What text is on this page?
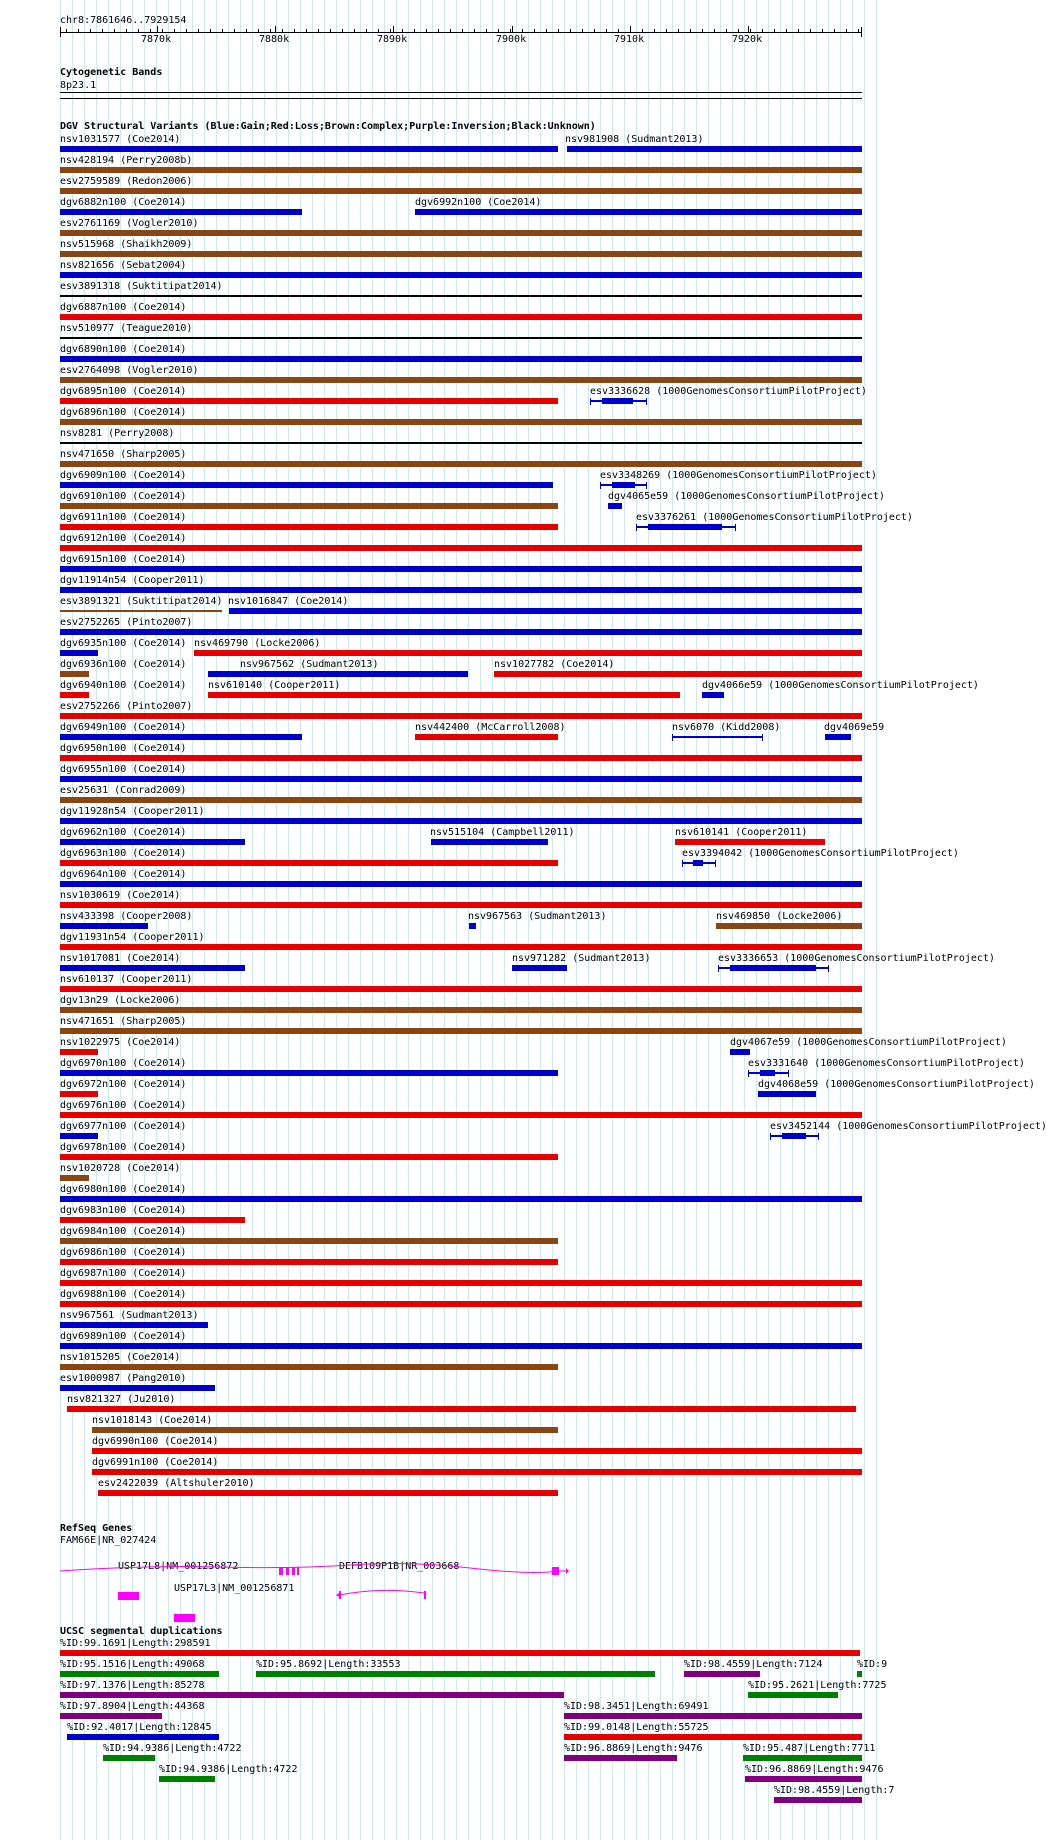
chr8:7861646..7929154
7870k	7880k	7890k	7900k	7910k	7920k
Cytogenetic Bands
8p23.1
DGV Structural Variants (Blue:Gain;Red:Loss;Brown:Complex;Purple:Inversion;Black:Unknown)
nsv1031577 (Coe2014)	nsv981908 (Sudmant2013)
nsv428194 (Perry2008b)
esv2759589 (Redon2006)
dgv6882n100 (Coe2014)	dgv6992n100 (Coe2014)
esv2761169 (Vogler2010)
nsv515968 (Shaikh2009)
nsv821656 (Sebat2004)
esv3891318 (Suktitipat2014)
dgv6887n100 (Coe2014)
nsv510977 (Teague2010)
dgv6890n100 (Coe2014)
esv2764098 (Vogler2010)
dgv6895n100 (Coe2014)	esv3336628 (1000GenomesConsortiumPilotProject)
dgv6896n100 (Coe2014)
nsv8281 (Perry2008)
nsv471650 (Sharp2005)
dgv6909n100 (Coe2014)	esv3348269 (1000GenomesConsortiumPilotProject)
dgv6910n100 (Coe2014)	dgv4065e59 (1000GenomesConsortiumPilotProject)
dgv6911n100 (Coe2014)	esv3376261 (1000GenomesConsortiumPilotProject)
dgv6912n100 (Coe2014)
dgv6915n100 (Coe2014)
dgv11914n54 (Cooper2011)
esv3891321 (Suktitipat2014) nsv1016847 (Coe2014)
esv2752265 (Pinto2007)
dgv6935n100 (Coe2014) nsv469790 (Locke2006)
dgv6936n100 (Coe2014)	nsv967562 (Sudmant2013)	nsv1027782 (Coe2014)
dgv6940n100 (Coe2014) nsv610140 (Cooper2011)	dgv4066e59 (1000GenomesConsortiumPilotProject)
esv2752266 (Pinto2007)
dgv6949n100 (Coe2014)	nsv442400 (McCarroll2008)	nsv6070 (Kidd2008)	dgv4069e59
dgv6950n100 (Coe2014)
dgv6955n100 (Coe2014)
esv25631 (Conrad2009)
dgv11928n54 (Cooper2011)
dgv6962n100 (Coe2014)	nsv515104 (Campbell2011)	nsv610141 (Cooper2011)
dgv6963n100 (Coe2014)	esv3394042 (1000GenomesConsortiumPilotProject)
dgv6964n100 (Coe2014)
nsv1030619 (Coe2014)
nsv433398 (Cooper2008)	nsv967563 (Sudmant2013)	nsv469850 (Locke2006)
dgv11931n54 (Cooper2011)
nsv1017081 (Coe2014)	nsv971282 (Sudmant2013)	esv3336653 (1000GenomesConsortiumPilotProject)
nsv610137 (Cooper2011)
dgv13n29 (Locke2006)
nsv471651 (Sharp2005)
nsv1022975 (Coe2014)	dgv4067e59 (1000GenomesConsortiumPilotProject)
dgv6970n100 (Coe2014)	esv3331640 (1000GenomesConsortiumPilotProject)
dgv6972n100 (Coe2014)	dgv4068e59 (1000GenomesConsortiumPilotProject)
dgv6976n100 (Coe2014)
dgv6977n100 (Coe2014)	esv3452144 (1000GenomesConsortiumPilotProject)
dgv6978n100 (Coe2014)
nsv1020728 (Coe2014)
dgv6980n100 (Coe2014)
dgv6983n100 (Coe2014)
dgv6984n100 (Coe2014)
dgv6986n100 (Coe2014)
dgv6987n100 (Coe2014)
dgv6988n100 (Coe2014)
nsv967561 (Sudmant2013)
dgv6989n100 (Coe2014)
nsv1015205 (Coe2014)
esv1000987 (Pang2010)
nsv821327 (Ju2010)
nsv1018143 (Coe2014)
dgv6990n100 (Coe2014)
dgv6991n100 (Coe2014)
esv2422039 (Altshuler2010)
RefSeq Genes
FAM66E|NR_027424
USP17L8|NM_001256872	DEFB109P1B|NR_003668
USP17L3|NM_001256871
UCSC segmental duplications
%ID:99.1691|Length:298591
%ID:95.1516|Length:49068	%ID:95.8692|Length:33553	%ID:98.4559|Length:7124	%ID:9
%ID:97.1376|Length:85278	%ID:95.2621|Length:7725
%ID:97.8904|Length:44368	%ID:98.3451|Length:69491
%ID:92.4017|Length:12845	%ID:99.0148|Length:55725
%ID:94.9386|Length:4722	%ID:96.8869|Length:9476	%ID:95.487|Length:7711
%ID:94.9386|Length:4722	%ID:96.8869|Length:9476
%ID:98.4559|Length:7
